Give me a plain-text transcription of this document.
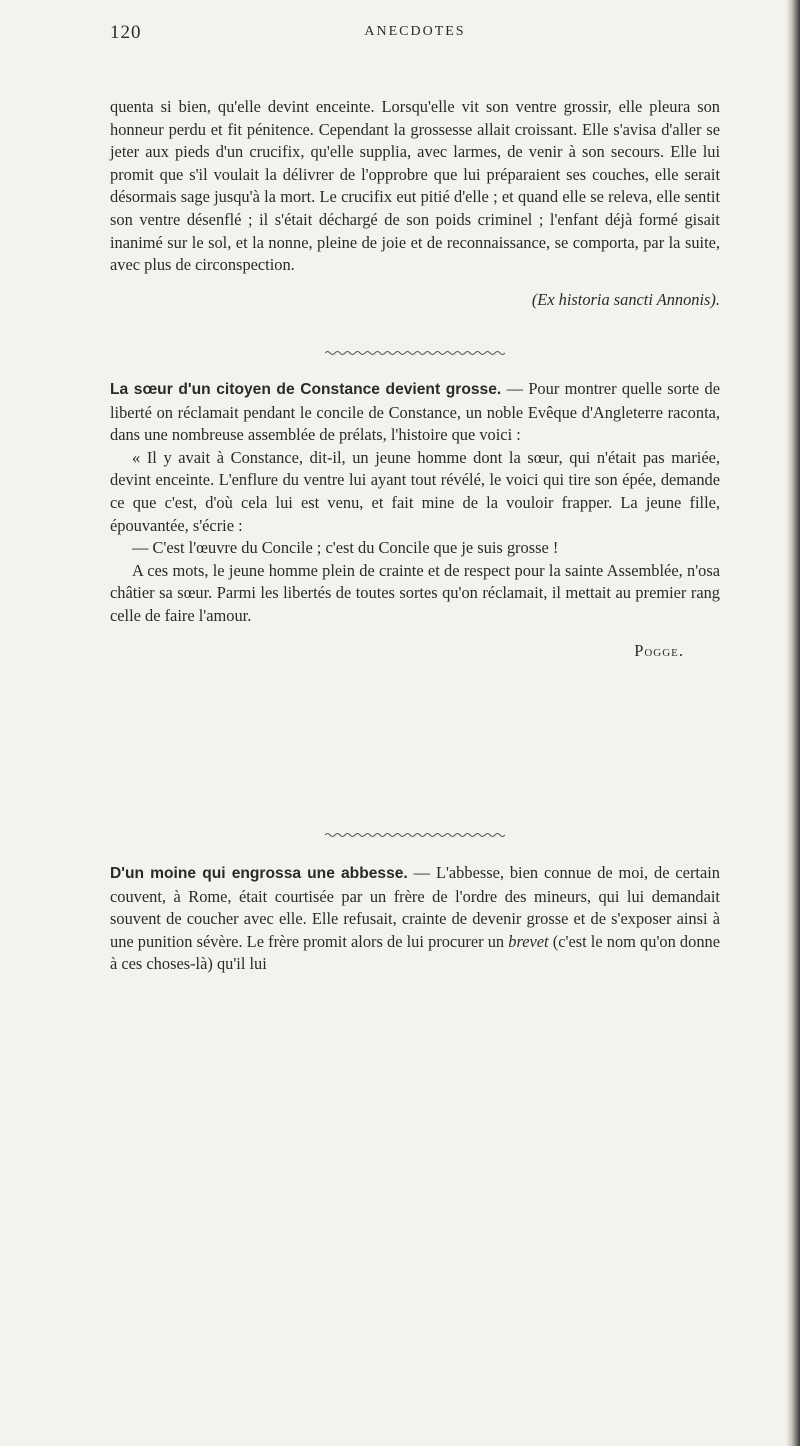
120	ANECDOTES

quenta si bien, qu'elle devint enceinte. Lorsqu'elle vit son ventre grossir, elle pleura son honneur perdu et fit pénitence. Cependant la grossesse allait croissant. Elle s'avisa d'aller se jeter aux pieds d'un crucifix, qu'elle supplia, avec larmes, de venir à son secours. Elle lui promit que s'il voulait la délivrer de l'opprobre que lui préparaient ses couches, elle serait désormais sage jusqu'à la mort. Le crucifix eut pitié d'elle ; et quand elle se releva, elle sentit son ventre désenflé ; il s'était déchargé de son poids criminel ; l'enfant déjà formé gisait inanimé sur le sol, et la nonne, pleine de joie et de reconnaissance, se comporta, par la suite, avec plus de circonspection.

(Ex historia sancti Annonis).

La sœur d'un citoyen de Constance devient grosse. — Pour montrer quelle sorte de liberté on réclamait pendant le concile de Constance, un noble Evêque d'Angleterre raconta, dans une nombreuse assemblée de prélats, l'histoire que voici :

« Il y avait à Constance, dit-il, un jeune homme dont la sœur, qui n'était pas mariée, devint enceinte. L'enflure du ventre lui ayant tout révélé, le voici qui tire son épée, demande ce que c'est, d'où cela lui est venu, et fait mine de la vouloir frapper. La jeune fille, épouvantée, s'écrie :

— C'est l'œuvre du Concile ; c'est du Concile que je suis grosse !

A ces mots, le jeune homme plein de crainte et de respect pour la sainte Assemblée, n'osa châtier sa sœur. Parmi les libertés de toutes sortes qu'on réclamait, il mettait au premier rang celle de faire l'amour.

Pogge.

D'un moine qui engrossa une abbesse. — L'abbesse, bien connue de moi, de certain couvent, à Rome, était courtisée par un frère de l'ordre des mineurs, qui lui demandait souvent de coucher avec elle. Elle refusait, crainte de devenir grosse et de s'exposer ainsi à une punition sévère. Le frère promit alors de lui procurer un brevet (c'est le nom qu'on donne à ces choses-là) qu'il lui
